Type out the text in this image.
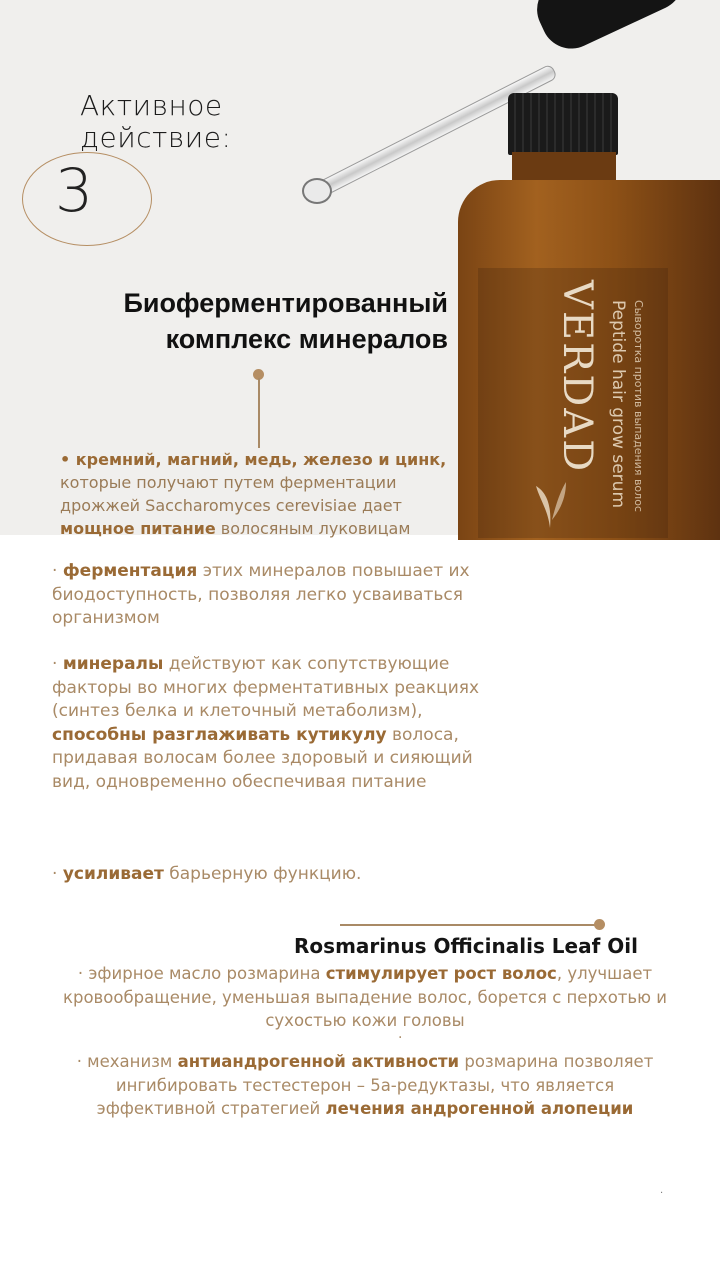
VERDAD Peptide hair grow serum Сыворотка против выпадения волос
Активное
действие:
3
Биоферментированный
комплекс минералов
• кремний, магний, медь, железо и цинк, которые получают путем ферментации дрожжей Saccharomyces cerevisiae дает мощное питание волосяным луковицам
· ферментация этих минералов повышает их биодоступность, позволяя легко усваиваться организмом
· минералы действуют как сопутствующие факторы во многих ферментативных реакциях (синтез белка и клеточный метаболизм), способны разглаживать кутикулу волоса, придавая волосам более здоровый и сияющий вид, одновременно обеспечивая питание
· усиливает барьерную функцию.
Rosmarinus Officinalis Leaf Oil
· эфирное масло розмарина стимулирует рост волос, улучшает кровообращение, уменьшая выпадение волос, борется с перхотью и сухостью кожи головы
·
· механизм антиандрогенной активности розмарина позволяет ингибировать тестестерон – 5а-редуктазы, что является эффективной стратегией лечения андрогенной алопеции
·
